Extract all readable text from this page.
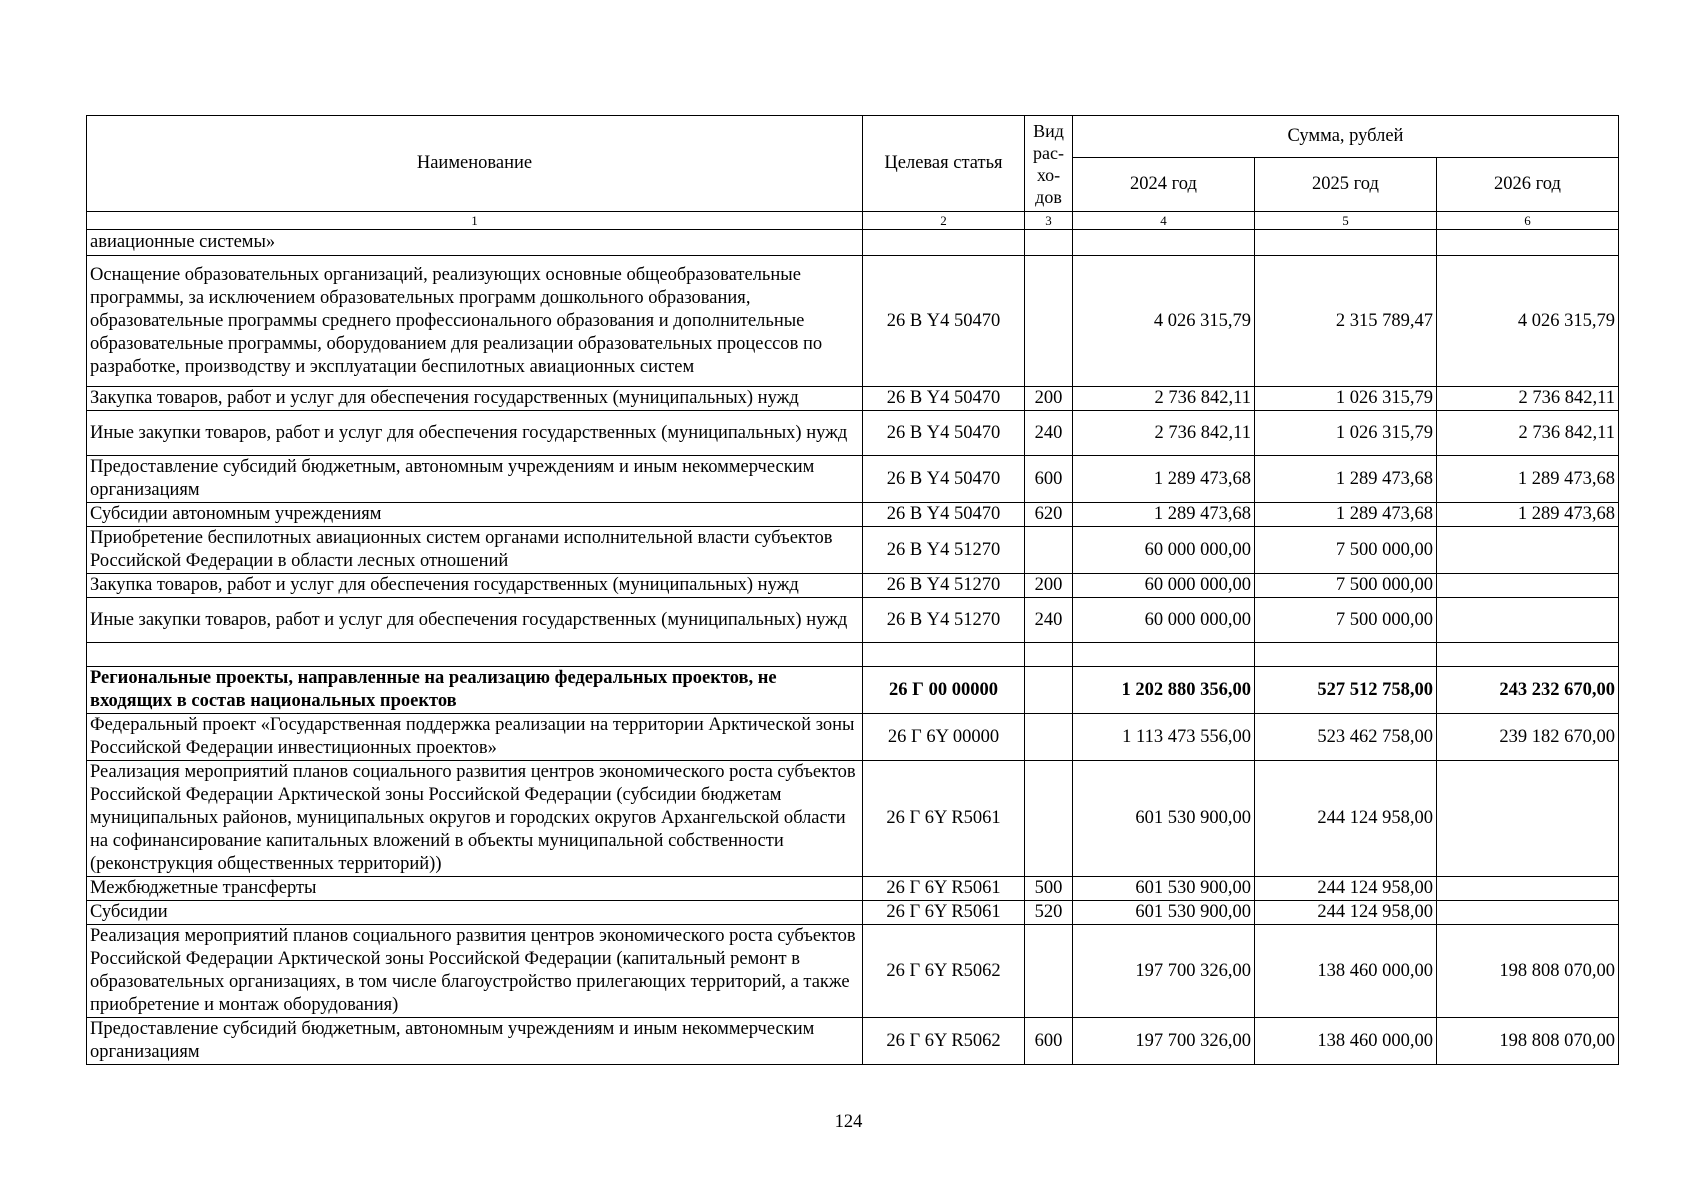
Наименование	Целевая статья	Вид рас- хо- дов	Сумма, рублей		
			2024 год	2025 год	2026 год
1	2	3	4	5	6
авиационные системы»					
Оснащение образовательных организаций, реализующих основные общеобразовательные программы, за исключением образовательных программ дошкольного образования, образовательные программы среднего профессионального образования и дополнительные образовательные программы, оборудованием для реализации образовательных процессов по разработке, производству и эксплуатации беспилотных авиационных систем	26 В Y4 50470		4 026 315,79	2 315 789,47	4 026 315,79
Закупка товаров, работ и услуг для обеспечения государственных (муниципальных) нужд	26 В Y4 50470	200	2 736 842,11	1 026 315,79	2 736 842,11
Иные закупки товаров, работ и услуг для обеспечения государственных (муниципальных) нужд	26 В Y4 50470	240	2 736 842,11	1 026 315,79	2 736 842,11
Предоставление субсидий бюджетным, автономным учреждениям и иным некоммерческим организациям	26 В Y4 50470	600	1 289 473,68	1 289 473,68	1 289 473,68
Субсидии автономным учреждениям	26 В Y4 50470	620	1 289 473,68	1 289 473,68	1 289 473,68
Приобретение беспилотных авиационных систем органами исполнительной власти субъектов Российской Федерации в области лесных отношений	26 В Y4 51270		60 000 000,00	7 500 000,00	
Закупка товаров, работ и услуг для обеспечения государственных (муниципальных) нужд	26 В Y4 51270	200	60 000 000,00	7 500 000,00	
Иные закупки товаров, работ и услуг для обеспечения государственных (муниципальных) нужд	26 В Y4 51270	240	60 000 000,00	7 500 000,00	

Региональные проекты, направленные на реализацию федеральных проектов, не входящих в состав национальных проектов	26 Г 00 00000		1 202 880 356,00	527 512 758,00	243 232 670,00
Федеральный проект «Государственная поддержка реализации на территории Арктической зоны Российской Федерации инвестиционных проектов»	26 Г 6Y 00000		1 113 473 556,00	523 462 758,00	239 182 670,00
Реализация мероприятий планов социального развития центров экономического роста субъектов Российской Федерации Арктической зоны Российской Федерации (субсидии бюджетам муниципальных районов, муниципальных округов и городских округов Архангельской области на софинансирование капитальных вложений в объекты муниципальной собственности (реконструкция общественных территорий))	26 Г 6Y R5061		601 530 900,00	244 124 958,00	
Межбюджетные трансферты	26 Г 6Y R5061	500	601 530 900,00	244 124 958,00	
Субсидии	26 Г 6Y R5061	520	601 530 900,00	244 124 958,00	
Реализация мероприятий планов социального развития центров экономического роста субъектов Российской Федерации Арктической зоны Российской Федерации (капитальный ремонт в образовательных организациях, в том числе благоустройство прилегающих территорий, а также приобретение и монтаж оборудования)	26 Г 6Y R5062		197 700 326,00	138 460 000,00	198 808 070,00
Предоставление субсидий бюджетным, автономным учреждениям и иным некоммерческим организациям	26 Г 6Y R5062	600	197 700 326,00	138 460 000,00	198 808 070,00
124
